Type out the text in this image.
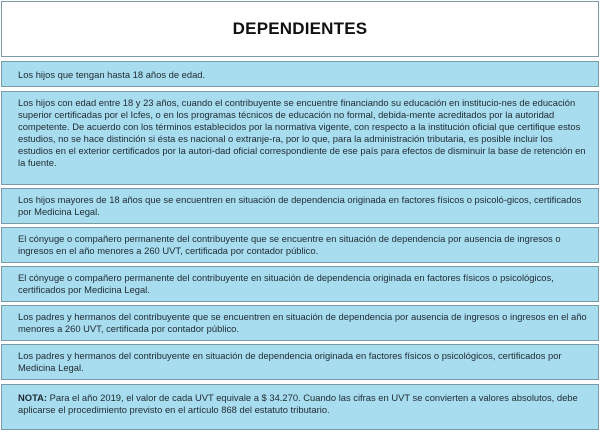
DEPENDIENTES
Los hijos que tengan hasta 18 años de edad.
Los hijos con edad entre 18 y 23 años, cuando el contribuyente se encuentre financiando su educación en institucio-nes de educación superior certificadas por el Icfes, o en los programas técnicos de educación no formal, debida-mente acreditados por la autoridad competente. De acuerdo con los términos establecidos por la normativa vigente, con respecto a la institución oficial que certifique estos estudios, no se hace distinción si ésta es nacional o extranje-ra, por lo que, para la administración tributaria, es posible incluir los estudios en el exterior certificados por la autori-dad oficial correspondiente de ese país para efectos de disminuir la base de retención en la fuente.
Los hijos mayores de 18 años que se encuentren en situación de dependencia originada en factores físicos o psicoló-gicos, certificados por Medicina Legal.
El cónyuge o compañero permanente del contribuyente que se encuentre en situación de dependencia por ausencia de ingresos o ingresos en el año menores a 260 UVT, certificada por contador público.
El cónyuge o compañero permanente del contribuyente en situación de dependencia originada en factores físicos o psicológicos, certificados por Medicina Legal.
Los padres y hermanos del contribuyente que se encuentren en situación de dependencia por ausencia de ingresos o ingresos en el año menores a 260 UVT, certificada por contador público.
Los padres y hermanos del contribuyente en situación de dependencia originada en factores físicos o psicológicos, certificados por Medicina Legal.
NOTA: Para el año 2019, el valor de cada UVT equivale a $ 34.270. Cuando las cifras en UVT se convierten a valores absolutos, debe aplicarse el procedimiento previsto en el artículo 868 del estatuto tributario.
